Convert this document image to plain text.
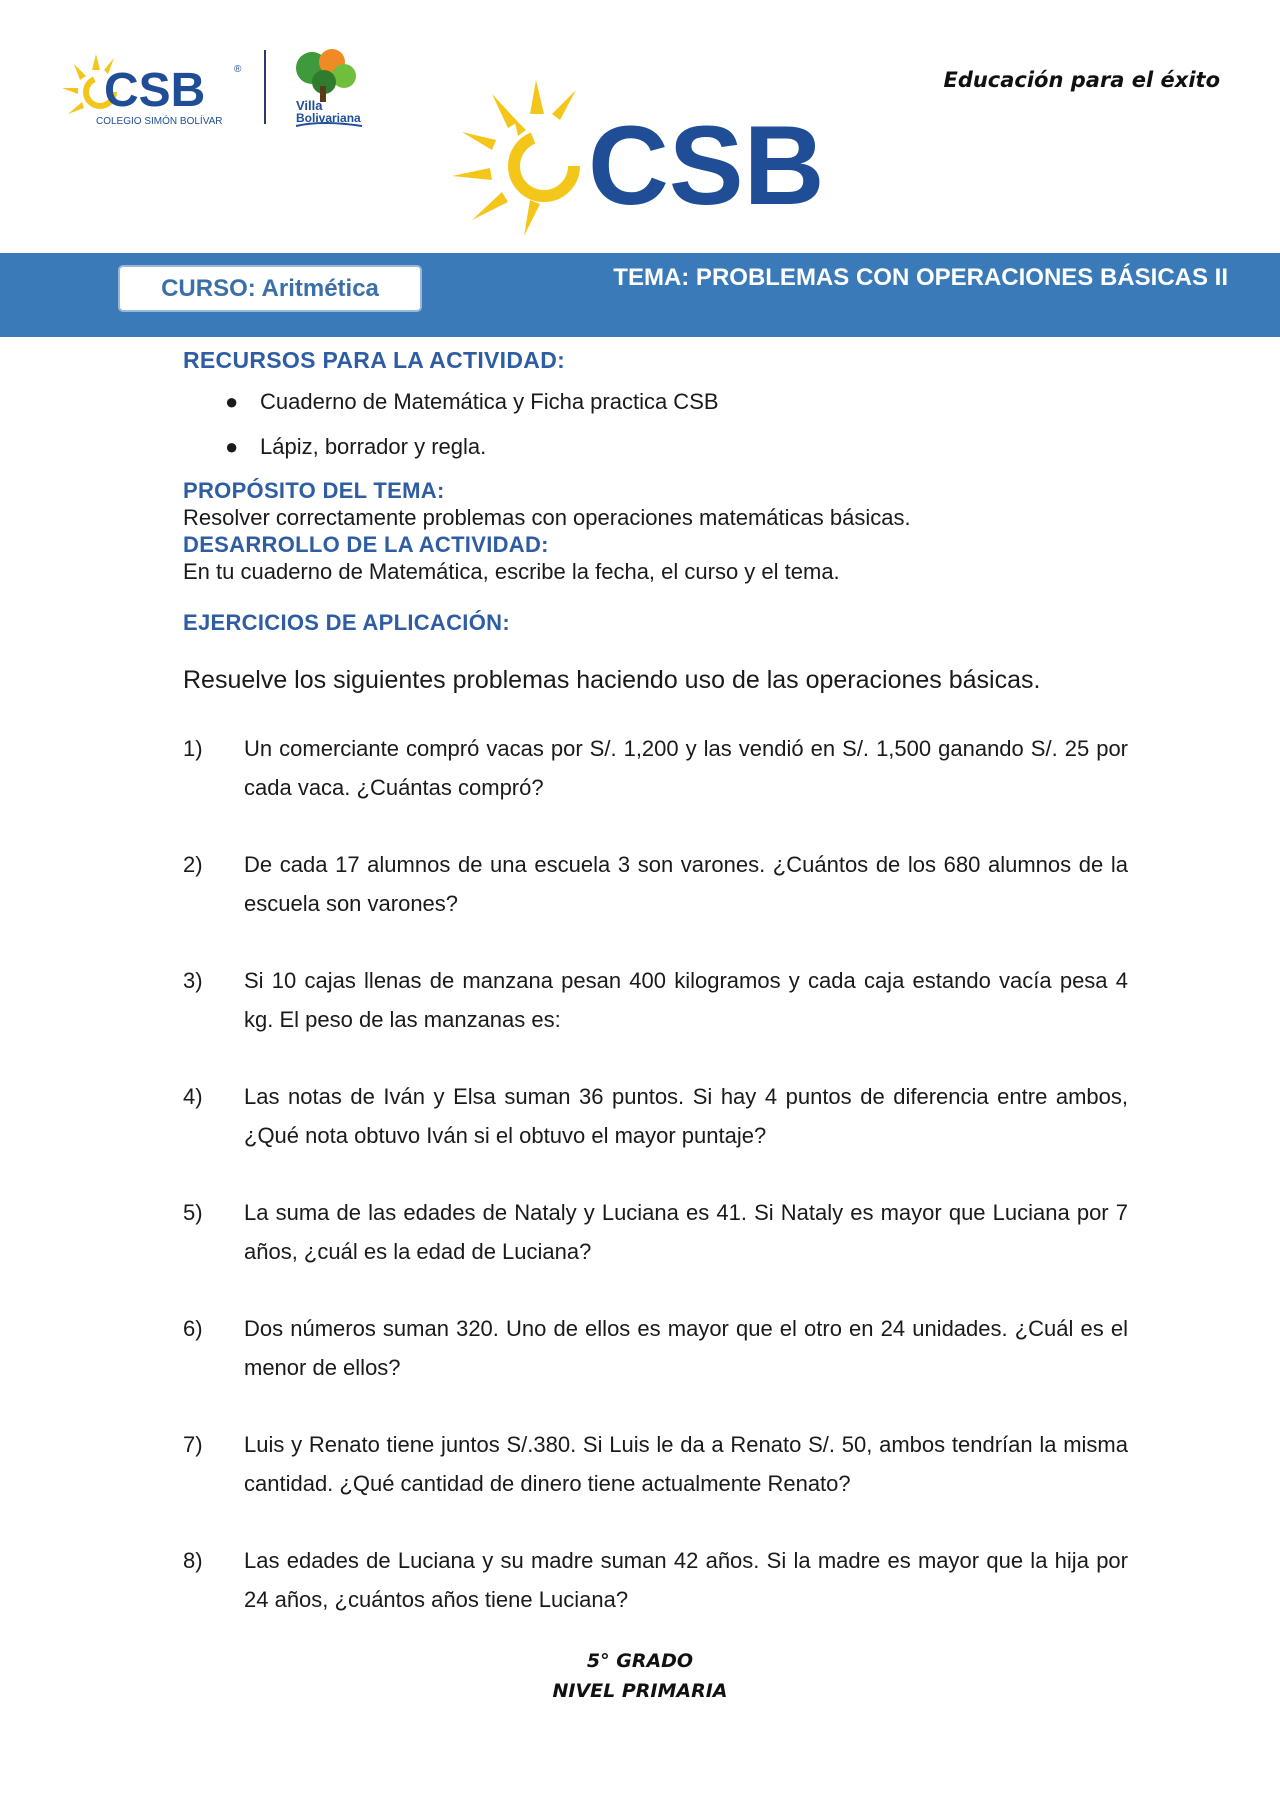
CSB	®
COLEGIO SIMÓN BOLÍVAR
Villa
Bolivariana
Educación para el éxito
CSB
CURSO: Aritmética	TEMA: PROBLEMAS CON OPERACIONES BÁSICAS II

RECURSOS PARA LA ACTIVIDAD:

● Cuaderno de Matemática y Ficha practica CSB
● Lápiz, borrador y regla.

PROPÓSITO DEL TEMA:

Resolver correctamente problemas con operaciones matemáticas básicas.

DESARROLLO DE LA ACTIVIDAD:

En tu cuaderno de Matemática, escribe la fecha, el curso y el tema.

EJERCICIOS DE APLICACIÓN:

Resuelve los siguientes problemas haciendo uso de las operaciones básicas.

1) Un comerciante compró vacas por S/. 1,200 y las vendió en S/. 1,500 ganando S/. 25 por cada vaca. ¿Cuántas compró?
2) De cada 17 alumnos de una escuela 3 son varones. ¿Cuántos de los 680 alumnos de la escuela son varones?
3) Si 10 cajas llenas de manzana pesan 400 kilogramos y cada caja estando vacía pesa 4 kg. El peso de las manzanas es:
4) Las notas de Iván y Elsa suman 36 puntos. Si hay 4 puntos de diferencia entre ambos, ¿Qué nota obtuvo Iván si el obtuvo el mayor puntaje?
5) La suma de las edades de Nataly y Luciana es 41. Si Nataly es mayor que Luciana por 7 años, ¿cuál es la edad de Luciana?
6) Dos números suman 320. Uno de ellos es mayor que el otro en 24 unidades. ¿Cuál es el menor de ellos?
7) Luis y Renato tiene juntos S/.380. Si Luis le da a Renato S/. 50, ambos tendrían la misma cantidad. ¿Qué cantidad de dinero tiene actualmente Renato?
8) Las edades de Luciana y su madre suman 42 años. Si la madre es mayor que la hija por 24 años, ¿cuántos años tiene Luciana?
5° GRADO
NIVEL PRIMARIA
